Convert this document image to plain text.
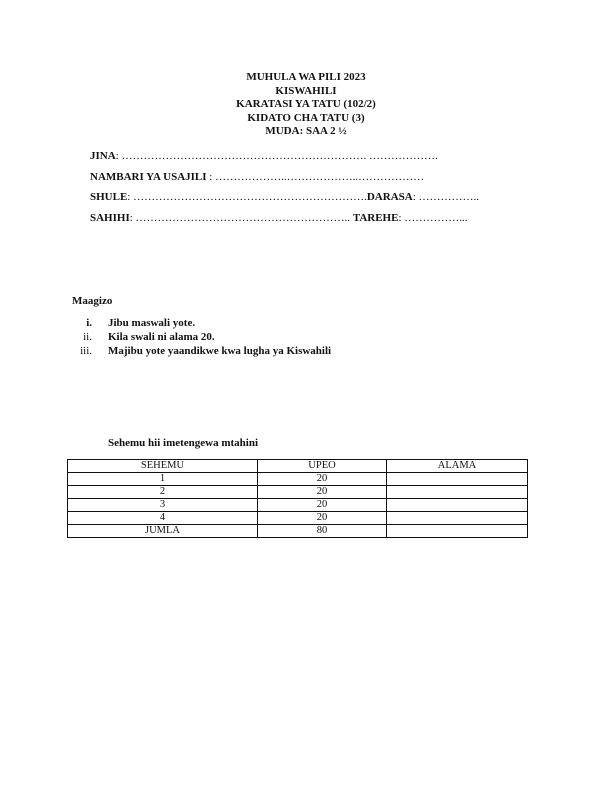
MUHULA WA PILI 2023
KISWAHILI
KARATASI YA TATU (102/2)
KIDATO CHA TATU (3)
MUDA: SAA 2 ½
JINA: …………………………………………………………. ……………….
NAMBARI YA USAJILI : ………………..………………..………………
SHULE: ……………………………………………………….DARASA: ……………..
SAHIHI: ………………………………………………….. TAREHE: ……………...
Maagizo
i. Jibu maswali yote.
ii. Kila swali ni alama 20.
iii. Majibu yote yaandikwe kwa lugha ya Kiswahili
Sehemu hii imetengewa mtahini
SEHEMU	UPEO	ALAMA
1	20	
2	20	
3	20	
4	20	
JUMLA	80	
